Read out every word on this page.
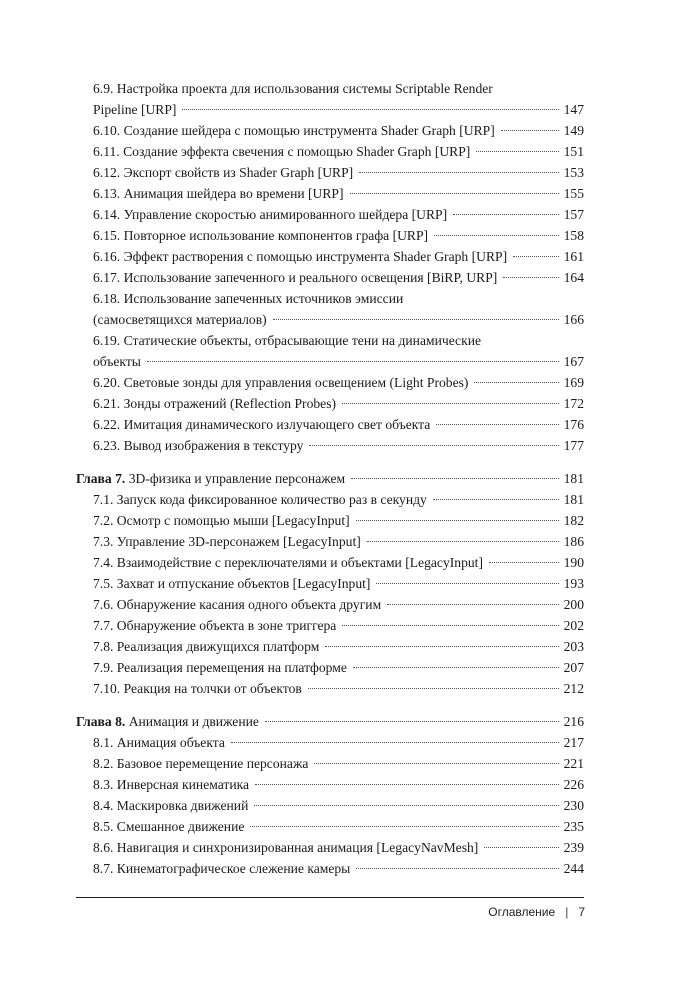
6.9. Настройка проекта для использования системы Scriptable Render
Pipeline [URP]	147
6.10. Создание шейдера с помощью инструмента Shader Graph [URP]	149
6.11. Создание эффекта свечения с помощью Shader Graph [URP]	151
6.12. Экспорт свойств из Shader Graph [URP]	153
6.13. Анимация шейдера во времени [URP]	155
6.14. Управление скоростью анимированного шейдера [URP]	157
6.15. Повторное использование компонентов графа [URP]	158
6.16. Эффект растворения с помощью инструмента Shader Graph [URP]	161
6.17. Использование запеченного и реального освещения [BiRP, URP]	164
6.18. Использование запеченных источников эмиссии
(самосветящихся материалов)	166
6.19. Статические объекты, отбрасывающие тени на динамические
объекты	167
6.20. Световые зонды для управления освещением (Light Probes)	169
6.21. Зонды отражений (Reflection Probes)	172
6.22. Имитация динамического излучающего свет объекта	176
6.23. Вывод изображения в текстуру	177
Глава 7. 3D-физика и управление персонажем	181
7.1. Запуск кода фиксированное количество раз в секунду	181
7.2. Осмотр с помощью мыши [LegacyInput]	182
7.3. Управление 3D-персонажем [LegacyInput]	186
7.4. Взаимодействие с переключателями и объектами [LegacyInput]	190
7.5. Захват и отпускание объектов [LegacyInput]	193
7.6. Обнаружение касания одного объекта другим	200
7.7. Обнаружение объекта в зоне триггера	202
7.8. Реализация движущихся платформ	203
7.9. Реализация перемещения на платформе	207
7.10. Реакция на толчки от объектов	212
Глава 8. Анимация и движение	216
8.1. Анимация объекта	217
8.2. Базовое перемещение персонажа	221
8.3. Инверсная кинематика	226
8.4. Маскировка движений	230
8.5. Смешанное движение	235
8.6. Навигация и синхронизированная анимация [LegacyNavMesh]	239
8.7. Кинематографическое слежение камеры	244
Оглавление | 7
